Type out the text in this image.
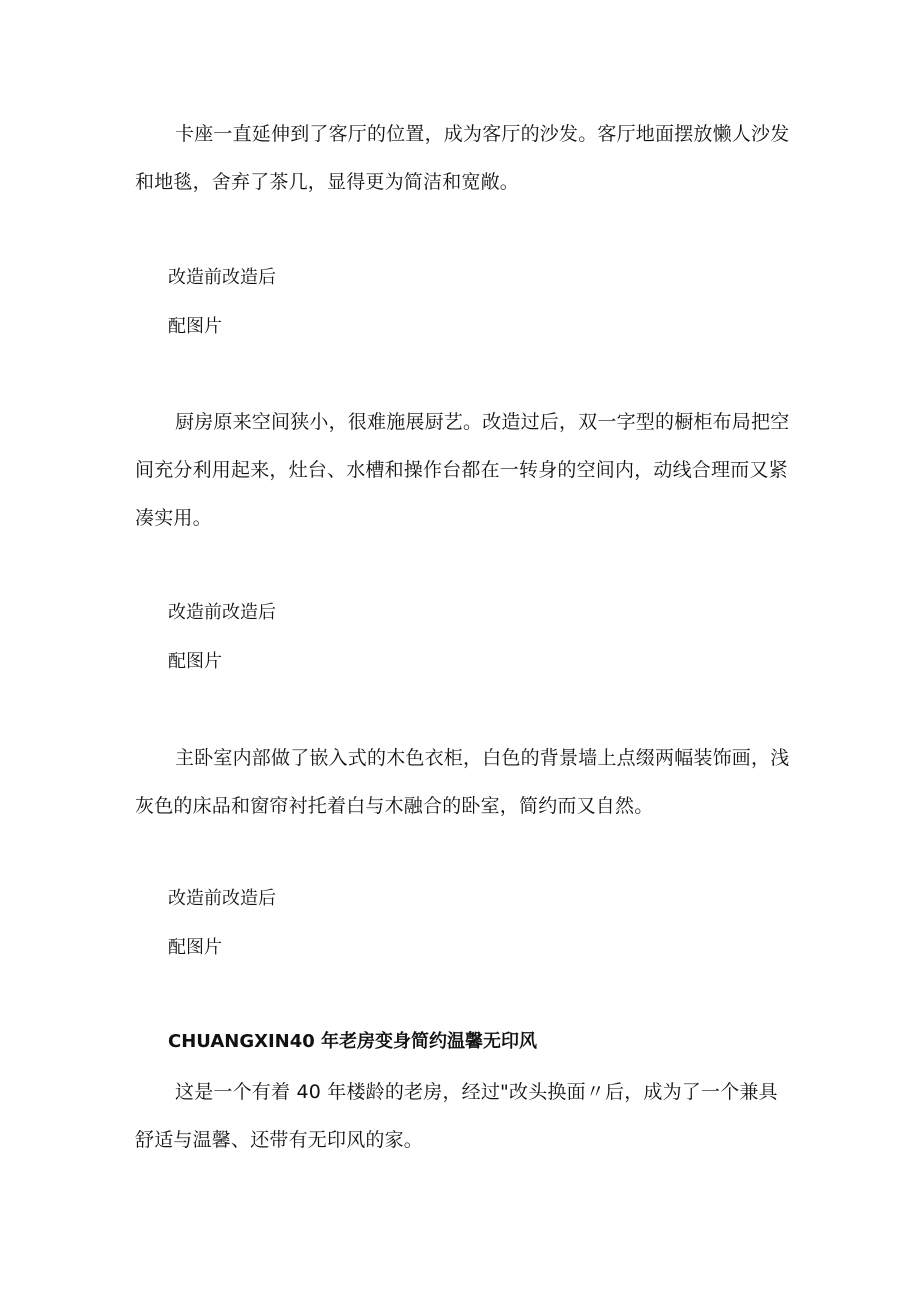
卡座一直延伸到了客厅的位置，成为客厅的沙发。客厅地面摆放懒人沙发和地毯，舍弃了茶几，显得更为简洁和宽敞。

改造前改造后

配图片

厨房原来空间狭小，很难施展厨艺。改造过后，双一字型的橱柜布局把空间充分利用起来，灶台、水槽和操作台都在一转身的空间内，动线合理而又紧凑实用。

改造前改造后

配图片

主卧室内部做了嵌入式的木色衣柜，白色的背景墙上点缀两幅装饰画，浅灰色的床品和窗帘衬托着白与木融合的卧室，简约而又自然。

改造前改造后

配图片

CHUANGXIN40 年老房变身简约温馨无印风

这是一个有着 40 年楼龄的老房，经过"改头换面〃后，成为了一个兼具舒适与温馨、还带有无印风的家。
